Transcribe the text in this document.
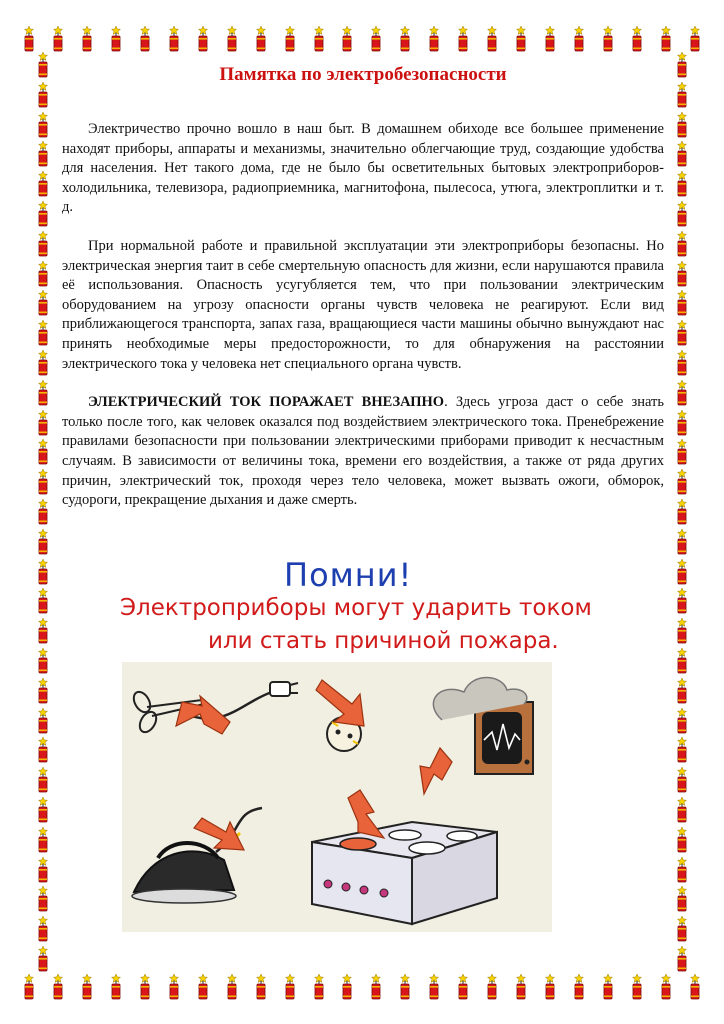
Памятка по электробезопасности

Электричество прочно вошло в наш быт. В домашнем обиходе все большее применение находят приборы, аппараты и механизмы, значительно облегчающие труд, создающие удобства для населения. Нет такого дома, где не было бы осветительных бытовых электроприборов- холодильника, телевизора, радиоприемника, магнитофона, пылесоса, утюга, электроплитки и т. д.

При нормальной работе и правильной эксплуатации эти электроприборы безопасны. Но электрическая энергия таит в себе смертельную опасность для жизни, если нарушаются правила её использования. Опасность усугубляется тем, что при пользовании электрическим оборудованием на угрозу опасности органы чувств человека не реагируют. Если вид приближающегося транспорта, запах газа, вращающиеся части машины обычно вынуждают нас принять необходимые меры предосторожности, то для обнаружения на расстоянии электрического тока у человека нет специального органа чувств.

ЭЛЕКТРИЧЕСКИЙ ТОК ПОРАЖАЕТ ВНЕЗАПНО. Здесь угроза даст о себе знать только после того, как человек оказался под воздействием электрического тока. Пренебрежение правилами безопасности при пользовании электрическими приборами приводит к несчастным случаям. В зависимости от величины тока, времени его воздействия, а также от ряда других причин, электрический ток, проходя через тело человека, может вызвать ожоги, обморок, судороги, прекращение дыхания и даже смерть.

Помни!
Электроприборы могут ударить током
или стать причиной пожара.
